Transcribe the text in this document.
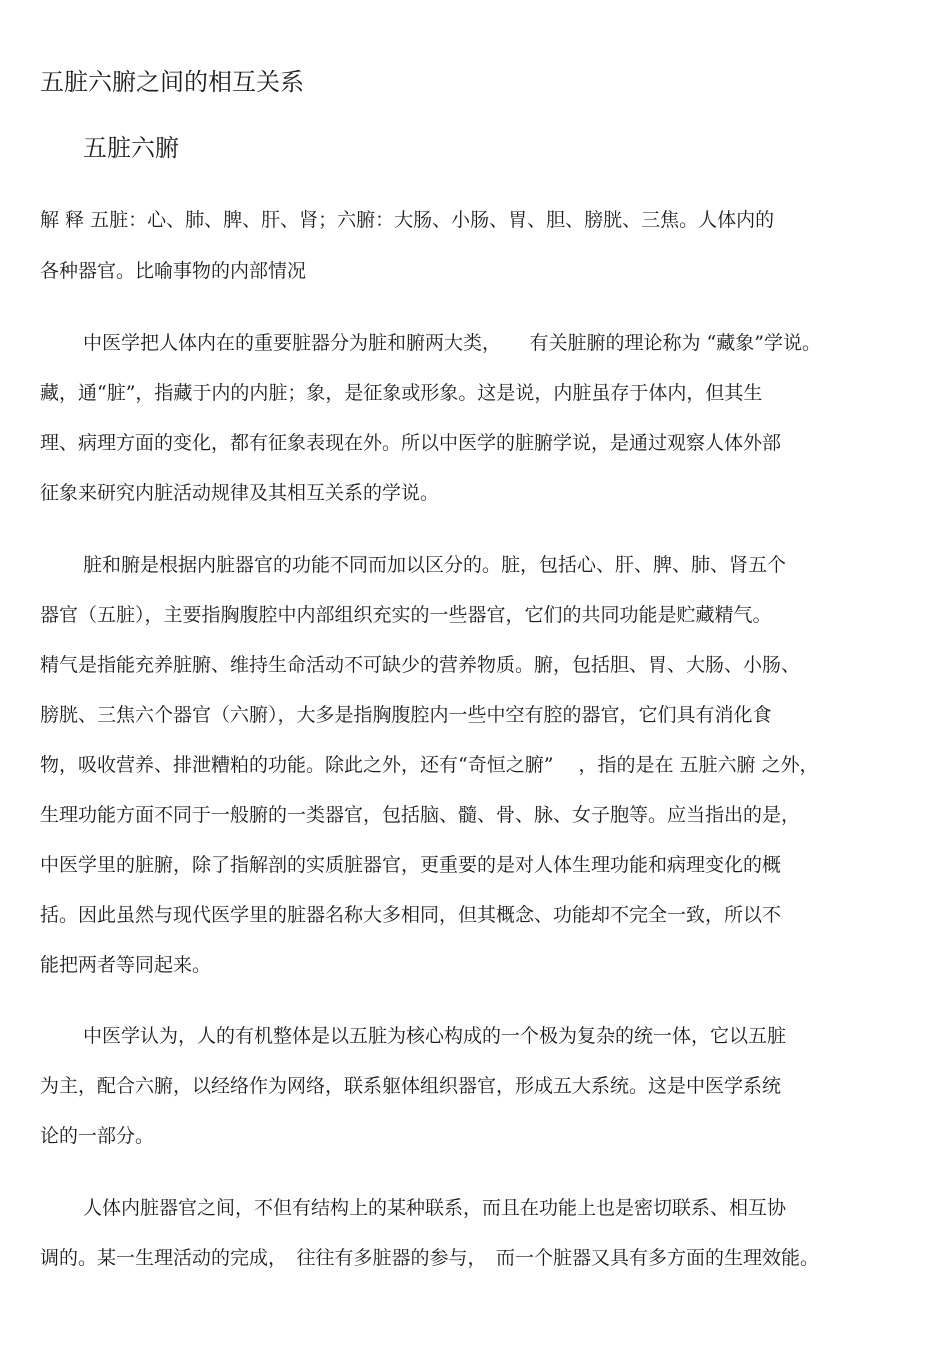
五脏六腑之间的相互关系
五脏六腑

解 释 五脏：心、肺、脾、肝、肾；六腑：大肠、小肠、胃、胆、膀胱、三焦。人体内的

各种器官。比喻事物的内部情况

中医学把人体内在的重要脏器分为脏和腑两大类，　　有关脏腑的理论称为 “藏象”学说。

藏，通“脏”，指藏于内的内脏；象，是征象或形象。这是说，内脏虽存于体内，但其生

理、病理方面的变化，都有征象表现在外。所以中医学的脏腑学说，是通过观察人体外部

征象来研究内脏活动规律及其相互关系的学说。

脏和腑是根据内脏器官的功能不同而加以区分的。脏，包括心、肝、脾、肺、肾五个

器官（五脏），主要指胸腹腔中内部组织充实的一些器官，它们的共同功能是贮藏精气。

精气是指能充养脏腑、维持生命活动不可缺少的营养物质。腑，包括胆、胃、大肠、小肠、

膀胱、三焦六个器官（六腑），大多是指胸腹腔内一些中空有腔的器官，它们具有消化食

物，吸收营养、排泄糟粕的功能。除此之外，还有“奇恒之腑”　 ，指的是在 五脏六腑 之外，

生理功能方面不同于一般腑的一类器官，包括脑、髓、骨、脉、女子胞等。应当指出的是，

中医学里的脏腑，除了指解剖的实质脏器官，更重要的是对人体生理功能和病理变化的概

括。因此虽然与现代医学里的脏器名称大多相同，但其概念、功能却不完全一致，所以不

能把两者等同起来。

中医学认为，人的有机整体是以五脏为核心构成的一个极为复杂的统一体，它以五脏

为主，配合六腑，以经络作为网络，联系躯体组织器官，形成五大系统。这是中医学系统

论的一部分。

人体内脏器官之间，不但有结构上的某种联系，而且在功能上也是密切联系、相互协

调的。某一生理活动的完成，　往往有多脏器的参与，　而一个脏器又具有多方面的生理效能。
